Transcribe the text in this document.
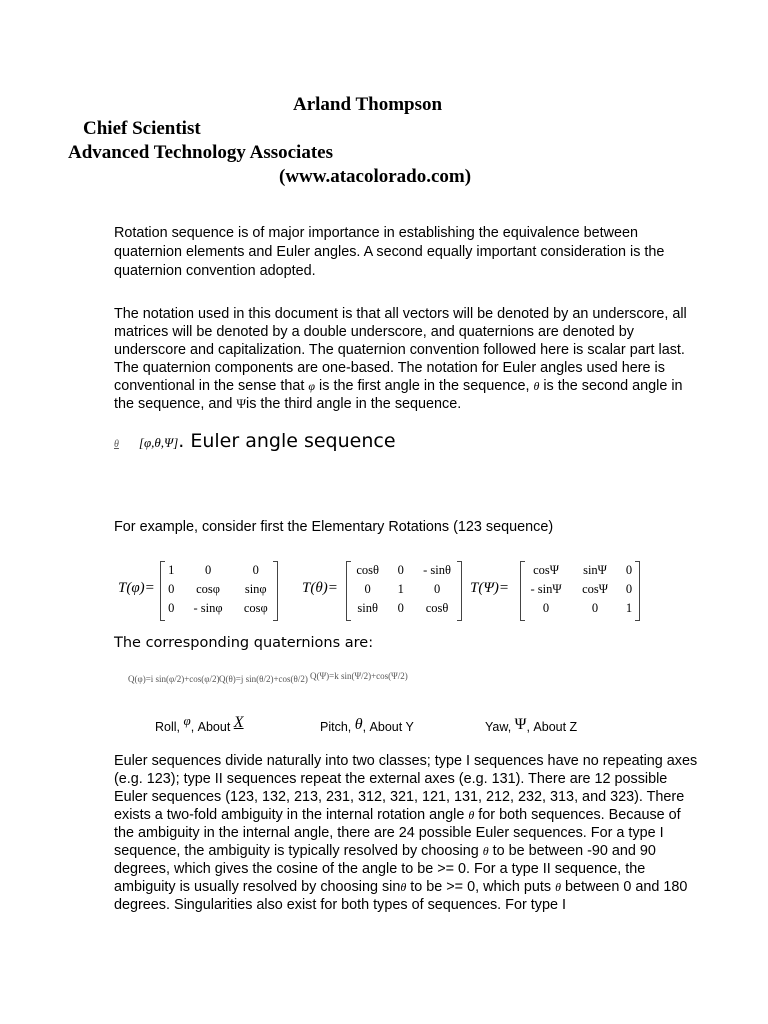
Arland Thompson
Chief Scientist
Advanced Technology Associates
(www.atacolorado.com)

Rotation sequence is of major importance in establishing the equivalence between quaternion elements and Euler angles. A second equally important consideration is the quaternion convention adopted.

The notation used in this document is that all vectors will be denoted by an underscore, all matrices will be denoted by a double underscore, and quaternions are denoted by underscore and capitalization. The quaternion convention followed here is scalar part last. The quaternion components are one-based. The notation for Euler angles used here is conventional in the sense that φ is the first angle in the sequence, θ is the second angle in the sequence, and Ψis the third angle in the sequence.

θ [φ,θ,Ψ]. Euler angle sequence
For example, consider first the Elementary Rotations (123 sequence)
T(φ)=
1	0	0
0	cosφ	sinφ
0	- sinφ	cosφ
T(θ)=
cosθ	0	- sinθ
0	1	0
sinθ	0	cosθ
T(Ψ)=
cosΨ	sinΨ	0
- sinΨ	cosΨ	0
0	0	1
The corresponding quaternions are:
Q(φ)=i sin(φ/2)+cos(φ/2) Q(θ)=j sin(θ/2)+cos(θ/2) Q(Ψ)=k sin(Ψ/2)+cos(Ψ/2)
Roll, φ, About X	Pitch, θ, About Y	Yaw, Ψ, About Z

Euler sequences divide naturally into two classes; type I sequences have no repeating axes (e.g. 123); type II sequences repeat the external axes (e.g. 131). There are 12 possible Euler sequences (123, 132, 213, 231, 312, 321, 121, 131, 212, 232, 313, and 323). There exists a two-fold ambiguity in the internal rotation angle θ for both sequences. Because of the ambiguity in the internal angle, there are 24 possible Euler sequences. For a type I sequence, the ambiguity is typically resolved by choosing θ to be between -90 and 90 degrees, which gives the cosine of the angle to be >= 0. For a type II sequence, the ambiguity is usually resolved by choosing sinθ to be >= 0, which puts θ between 0 and 180 degrees. Singularities also exist for both types of sequences. For type I
